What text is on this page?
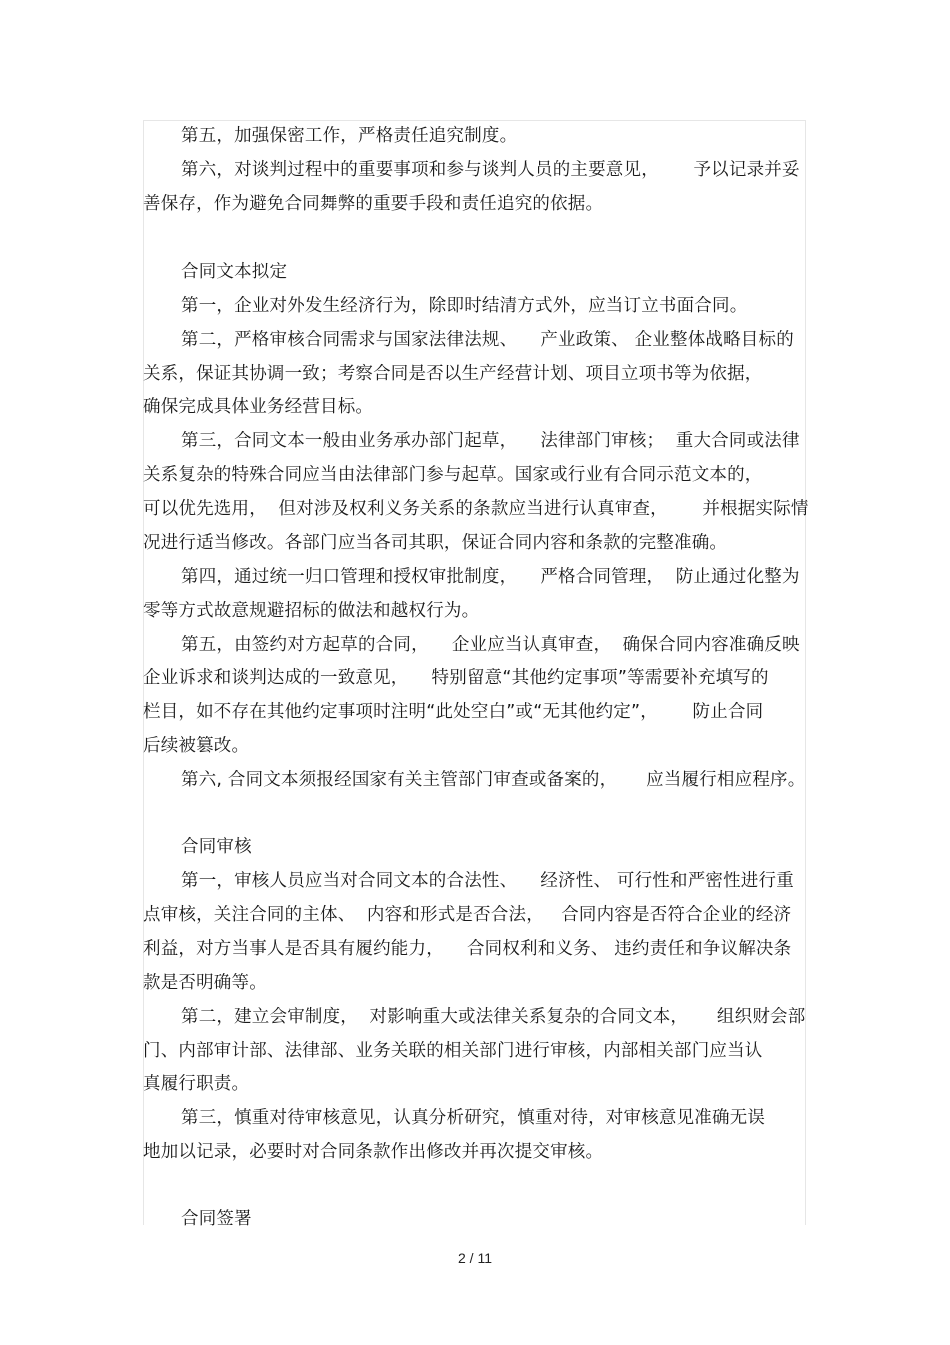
第五，加强保密工作，严格责任追究制度。
第六，对谈判过程中的重要事项和参与谈判人员的主要意见，      予以记录并妥
善保存，作为避免合同舞弊的重要手段和责任追究的依据。
合同文本拟定
第一，企业对外发生经济行为，除即时结清方式外，应当订立书面合同。
第二，严格审核合同需求与国家法律法规、    产业政策、 企业整体战略目标的
关系，保证其协调一致；考察合同是否以生产经营计划、项目立项书等为依据，
确保完成具体业务经营目标。
第三，合同文本一般由业务承办部门起草，    法律部门审核；  重大合同或法律
关系复杂的特殊合同应当由法律部门参与起草。国家或行业有合同示范文本的，
可以优先选用，  但对涉及权利义务关系的条款应当进行认真审查，      并根据实际情
况进行适当修改。各部门应当各司其职，保证合同内容和条款的完整准确。
第四，通过统一归口管理和授权审批制度，    严格合同管理，  防止通过化整为
零等方式故意规避招标的做法和越权行为。
第五，由签约对方起草的合同，    企业应当认真审查，  确保合同内容准确反映
企业诉求和谈判达成的一致意见，    特别留意“其他约定事项”等需要补充填写的
栏目，如不存在其他约定事项时注明“此处空白”或“无其他约定”，      防止合同
后续被篡改。
第六, 合同文本须报经国家有关主管部门审查或备案的，     应当履行相应程序。
合同审核
第一，审核人员应当对合同文本的合法性、    经济性、 可行性和严密性进行重
点审核，关注合同的主体、  内容和形式是否合法，   合同内容是否符合企业的经济
利益，对方当事人是否具有履约能力，    合同权利和义务、 违约责任和争议解决条
款是否明确等。
第二，建立会审制度，  对影响重大或法律关系复杂的合同文本，     组织财会部
门、内部审计部、法律部、业务关联的相关部门进行审核，内部相关部门应当认
真履行职责。
第三，慎重对待审核意见，认真分析研究，慎重对待，对审核意见准确无误
地加以记录，必要时对合同条款作出修改并再次提交审核。
合同签署
2 / 11
